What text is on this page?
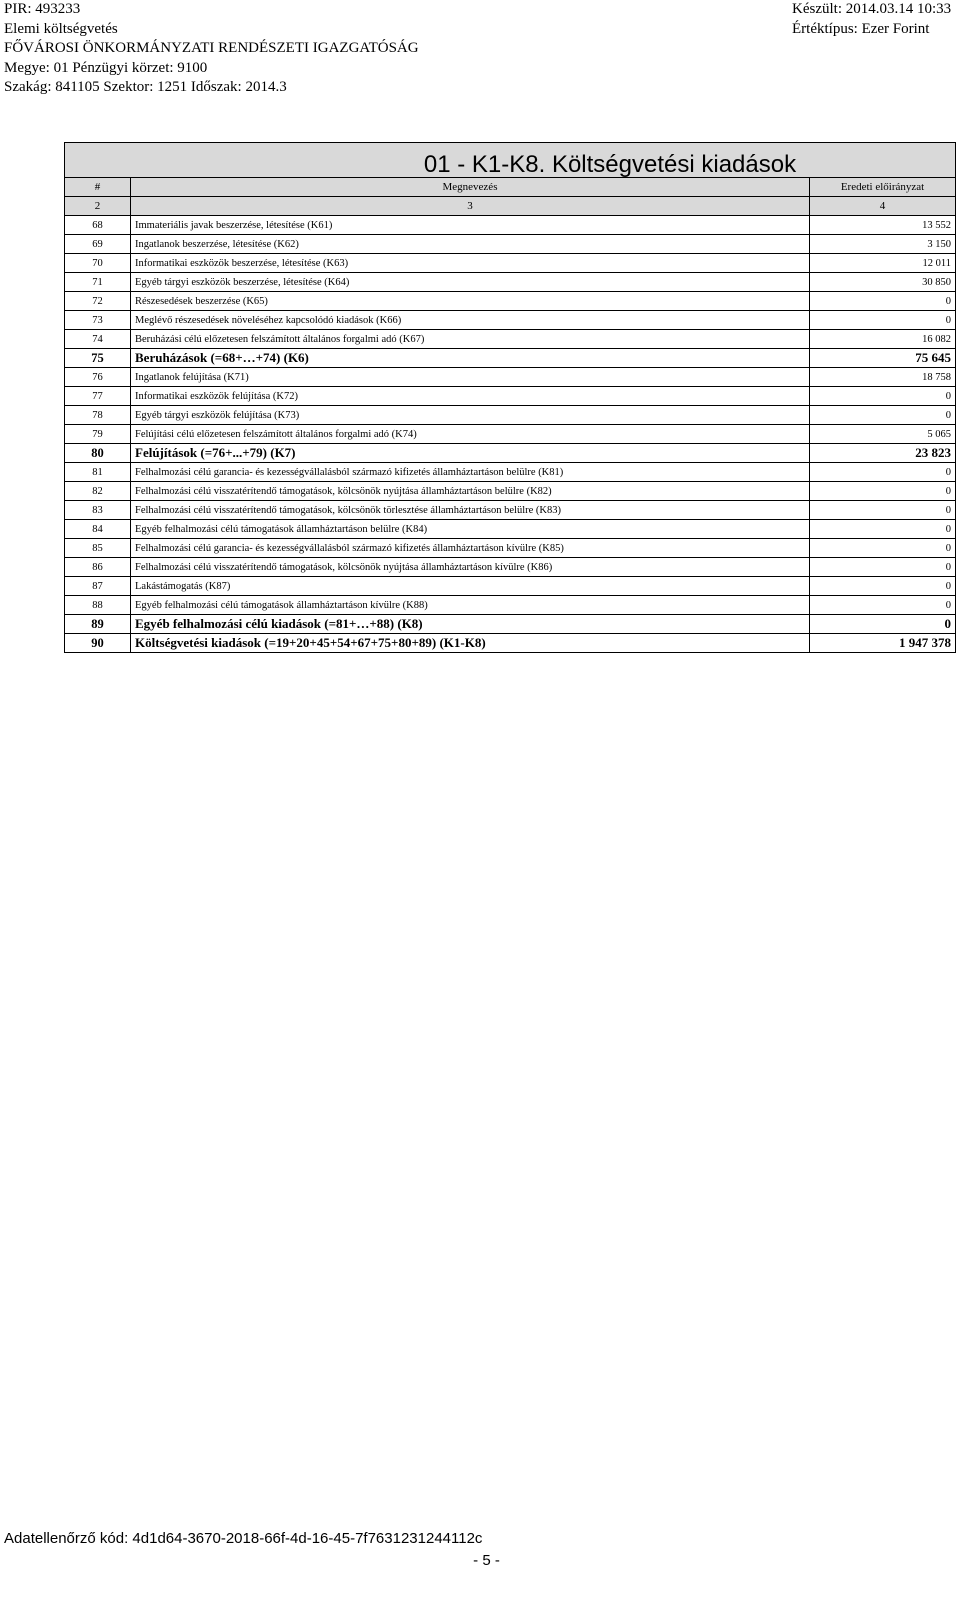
PIR: 493233
Elemi költségvetés
FŐVÁROSI ÖNKORMÁNYZATI RENDÉSZETI IGAZGATÓSÁG
Megye: 01 Pénzügyi körzet: 9100
Szakág: 841105 Szektor: 1251 Időszak: 2014.3
Készült: 2014.03.14 10:33
Értéktípus: Ezer Forint
01 - K1-K8. Költségvetési kiadások		
#	Megnevezés	Eredeti előirányzat
2	3	4
68	Immateriális javak beszerzése, létesítése (K61)	13 552
69	Ingatlanok beszerzése, létesítése (K62)	3 150
70	Informatikai eszközök beszerzése, létesítése (K63)	12 011
71	Egyéb tárgyi eszközök beszerzése, létesítése (K64)	30 850
72	Részesedések beszerzése (K65)	0
73	Meglévő részesedések növeléséhez kapcsolódó kiadások (K66)	0
74	Beruházási célú előzetesen felszámított általános forgalmi adó (K67)	16 082
75	Beruházások (=68+…+74) (K6)	75 645
76	Ingatlanok felújítása (K71)	18 758
77	Informatikai eszközök felújítása (K72)	0
78	Egyéb tárgyi eszközök felújítása (K73)	0
79	Felújítási célú előzetesen felszámított általános forgalmi adó (K74)	5 065
80	Felújítások (=76+...+79) (K7)	23 823
81	Felhalmozási célú garancia- és kezességvállalásból származó kifizetés államháztartáson belülre (K81)	0
82	Felhalmozási célú visszatérítendő támogatások, kölcsönök nyújtása államháztartáson belülre (K82)	0
83	Felhalmozási célú visszatérítendő támogatások, kölcsönök törlesztése államháztartáson belülre (K83)	0
84	Egyéb felhalmozási célú támogatások államháztartáson belülre (K84)	0
85	Felhalmozási célú garancia- és kezességvállalásból származó kifizetés államháztartáson kívülre (K85)	0
86	Felhalmozási célú visszatérítendő támogatások, kölcsönök nyújtása államháztartáson kívülre (K86)	0
87	Lakástámogatás (K87)	0
88	Egyéb felhalmozási célú támogatások államháztartáson kívülre (K88)	0
89	Egyéb felhalmozási célú kiadások (=81+…+88) (K8)	0
90	Költségvetési kiadások (=19+20+45+54+67+75+80+89) (K1-K8)	1 947 378
Adatellenőrző kód: 4d1d64-3670-2018-66f-4d-16-45-7f7631231244112c
- 5 -
